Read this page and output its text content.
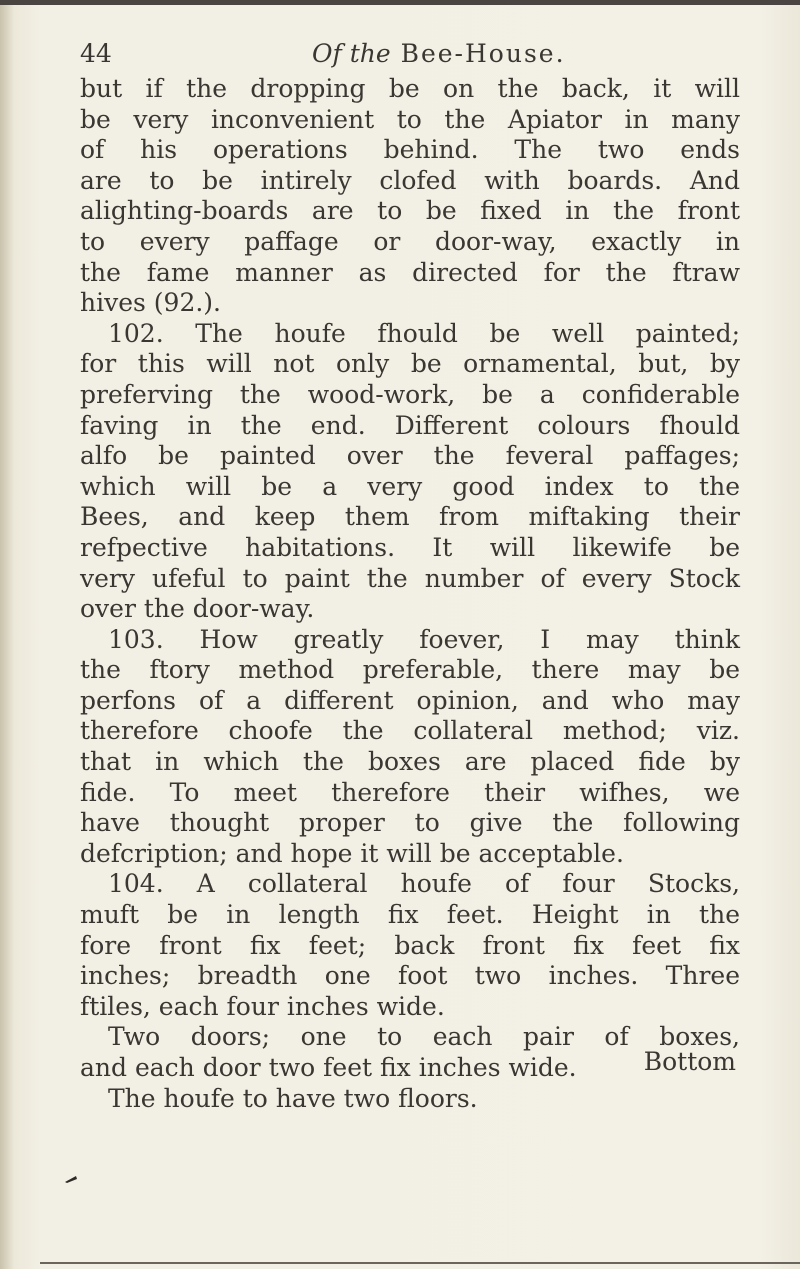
44	Of the Bee-House.
but if the dropping be on the back, it will
be very inconvenient to the Apiator in many
of his operations behind. The two ends
are to be intirely clofed with boards. And
alighting-boards are to be fixed in the front
to every paffage or door-way, exactly in
the fame manner as directed for the ftraw
hives (92.).
102. The houfe fhould be well painted;
for this will not only be ornamental, but, by
preferving the wood-work, be a confiderable
faving in the end. Different colours fhould
alfo be painted over the feveral paffages;
which will be a very good index to the
Bees, and keep them from miftaking their
refpective habitations. It will likewife be
very ufeful to paint the number of every Stock
over the door-way.
103. How greatly foever, I may think
the ftory method preferable, there may be
perfons of a different opinion, and who may
therefore choofe the collateral method; viz.
that in which the boxes are placed fide by
fide. To meet therefore their wifhes, we
have thought proper to give the following
defcription; and hope it will be acceptable.
104. A collateral houfe of four Stocks,
muft be in length fix feet. Height in the
fore front fix feet; back front fix feet fix
inches; breadth one foot two inches. Three
ftiles, each four inches wide.
Two doors; one to each pair of boxes,
and each door two feet fix inches wide.
The houfe to have two floors.
Bottom
